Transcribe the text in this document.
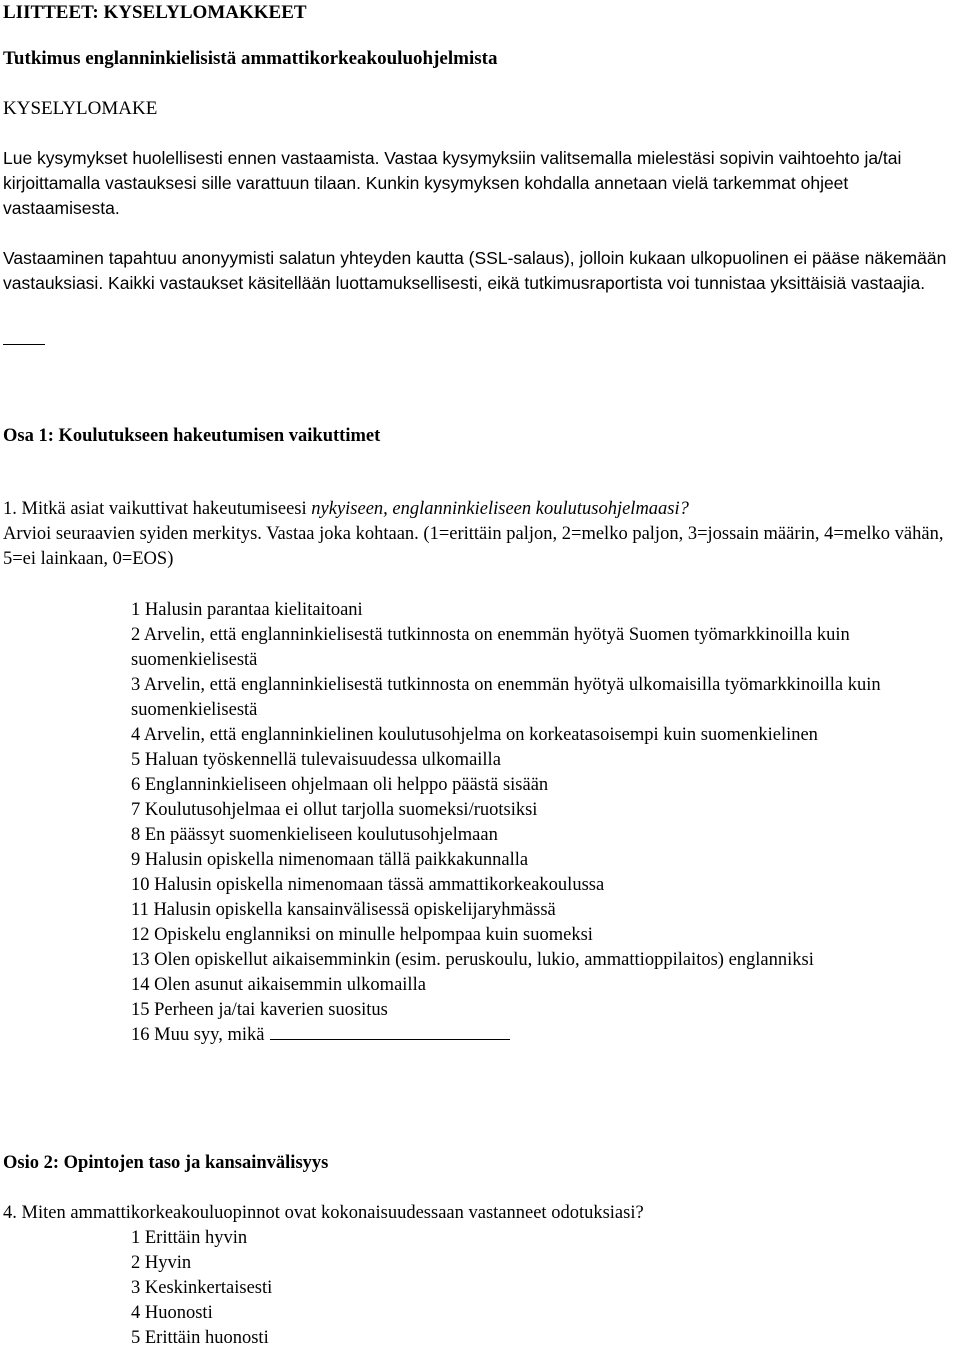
LIITTEET: KYSELYLOMAKKEET

Tutkimus englanninkielisistä ammattikorkeakouluohjelmista

KYSELYLOMAKE

Lue kysymykset huolellisesti ennen vastaamista. Vastaa kysymyksiin valitsemalla mielestäsi sopivin vaihtoehto ja/tai kirjoittamalla vastauksesi sille varattuun tilaan. Kunkin kysymyksen kohdalla annetaan vielä tarkemmat ohjeet vastaamisesta.

Vastaaminen tapahtuu anonyymisti salatun yhteyden kautta (SSL-salaus), jolloin kukaan ulkopuolinen ei pääse näkemään vastauksiasi. Kaikki vastaukset käsitellään luottamuksellisesti, eikä tutkimusraportista voi tunnistaa yksittäisiä vastaajia.

Osa 1: Koulutukseen hakeutumisen vaikuttimet

1. Mitkä asiat vaikuttivat hakeutumiseesi nykyiseen, englanninkieliseen koulutusohjelmaasi?
Arvioi seuraavien syiden merkitys. Vastaa joka kohtaan. (1=erittäin paljon, 2=melko paljon, 3=jossain määrin, 4=melko vähän, 5=ei lainkaan, 0=EOS)
1 Halusin parantaa kielitaitoani
2 Arvelin, että englanninkielisestä tutkinnosta on enemmän hyötyä Suomen työmarkkinoilla kuin suomenkielisestä
3 Arvelin, että englanninkielisestä tutkinnosta on enemmän hyötyä ulkomaisilla työmarkkinoilla kuin suomenkielisestä
4 Arvelin, että englanninkielinen koulutusohjelma on korkeatasoisempi kuin suomenkielinen
5 Haluan työskennellä tulevaisuudessa ulkomailla
6 Englanninkieliseen ohjelmaan oli helppo päästä sisään
7 Koulutusohjelmaa ei ollut tarjolla suomeksi/ruotsiksi
8 En päässyt suomenkieliseen koulutusohjelmaan
9 Halusin opiskella nimenomaan tällä paikkakunnalla
10 Halusin opiskella nimenomaan tässä ammattikorkeakoulussa
11 Halusin opiskella kansainvälisessä opiskelijaryhmässä
12 Opiskelu englanniksi on minulle helpompaa kuin suomeksi
13 Olen opiskellut aikaisemminkin (esim. peruskoulu, lukio, ammattioppilaitos) englanniksi
14 Olen asunut aikaisemmin ulkomailla
15 Perheen ja/tai kaverien suositus
16 Muu syy, mikä

Osio 2: Opintojen taso ja kansainvälisyys

4. Miten ammattikorkeakouluopinnot ovat kokonaisuudessaan vastanneet odotuksiasi?

1 Erittäin hyvin
2 Hyvin
3 Keskinkertaisesti
4 Huonosti
5 Erittäin huonosti
